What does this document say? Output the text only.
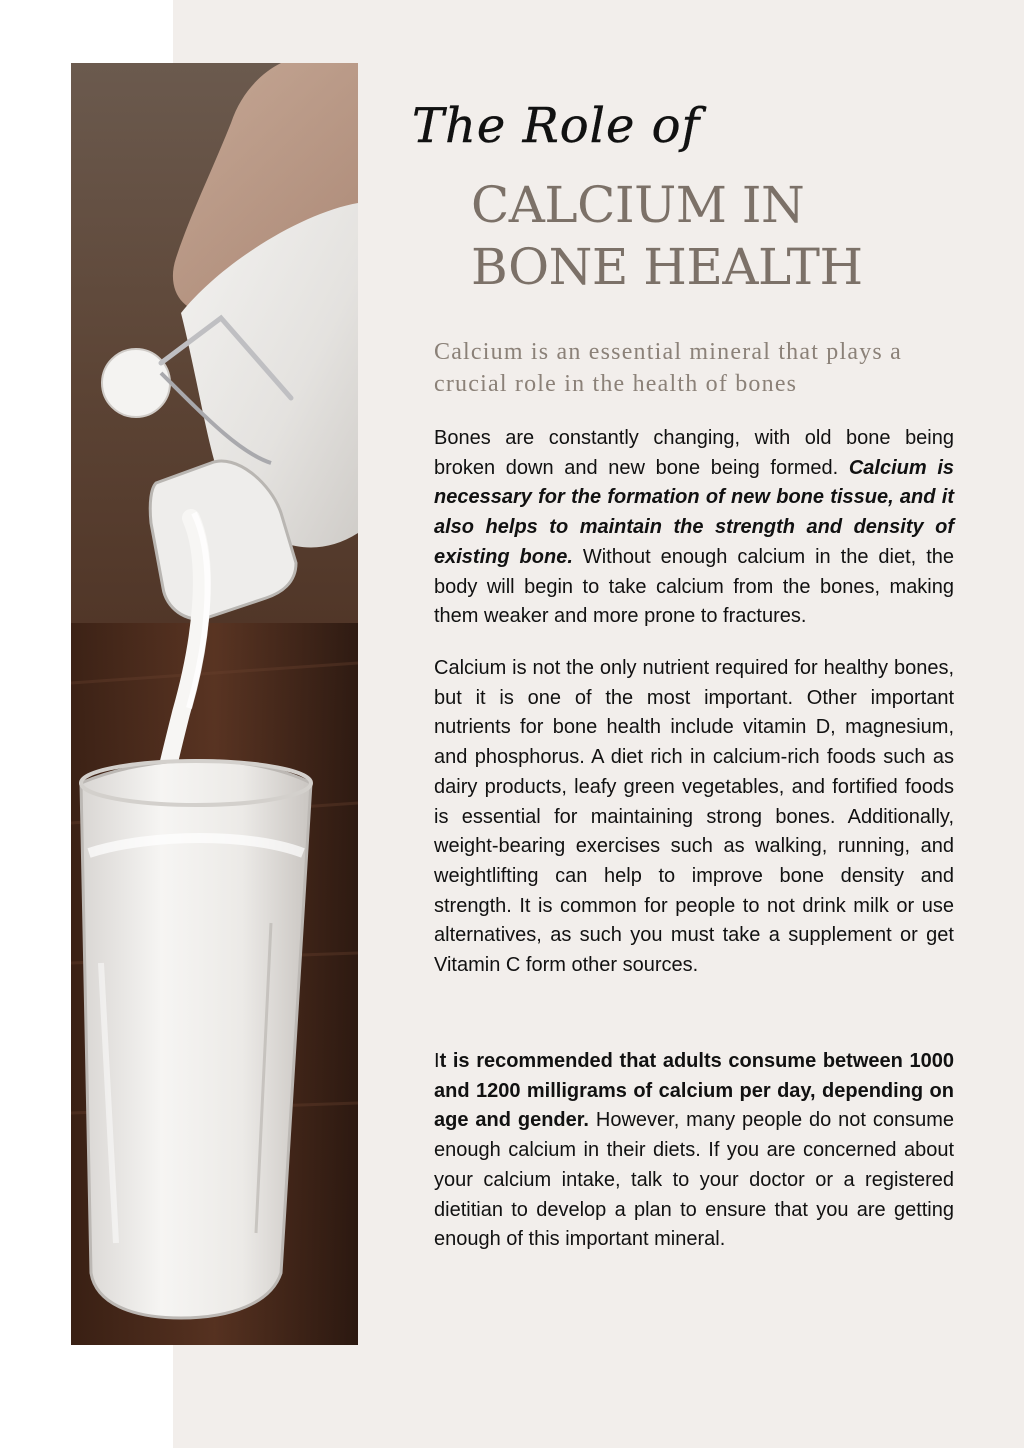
The Role of
CALCIUM IN
BONE HEALTH

Calcium is an essential mineral that plays a crucial role in the health of bones

Bones are constantly changing, with old bone being broken down and new bone being formed. Calcium is necessary for the formation of new bone tissue, and it also helps to maintain the strength and density of existing bone. Without enough calcium in the diet, the body will begin to take calcium from the bones, making them weaker and more prone to fractures.

Calcium is not the only nutrient required for healthy bones, but it is one of the most important. Other important nutrients for bone health include vitamin D, magnesium, and phosphorus. A diet rich in calcium-rich foods such as dairy products, leafy green vegetables, and fortified foods is essential for maintaining strong bones. Additionally, weight-bearing exercises such as walking, running, and weightlifting can help to improve bone density and strength. It is common for people to not drink milk or use alternatives, as such you must take a supplement or get Vitamin C form other sources.

It is recommended that adults consume between 1000 and 1200 milligrams of calcium per day, depending on age and gender. However, many people do not consume enough calcium in their diets. If you are concerned about your calcium intake, talk to your doctor or a registered dietitian to develop a plan to ensure that you are getting enough of this important mineral.
